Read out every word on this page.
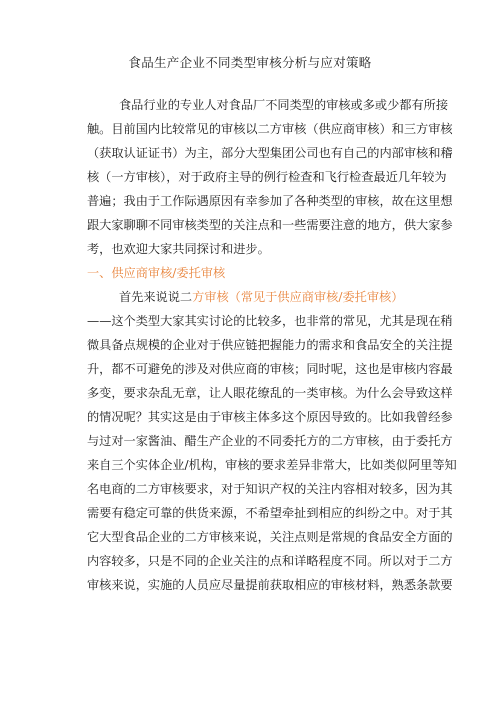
食品生产企业不同类型审核分析与应对策略
食品行业的专业人对食品厂不同类型的审核或多或少都有所接
触。目前国内比较常见的审核以二方审核（供应商审核）和三方审核
（获取认证证书）为主，部分大型集团公司也有自己的内部审核和稽
核（一方审核），对于政府主导的例行检查和飞行检查最近几年较为
普遍；我由于工作际遇原因有幸参加了各种类型的审核，故在这里想
跟大家聊聊不同审核类型的关注点和一些需要注意的地方，供大家参
考，也欢迎大家共同探讨和进步。
一、供应商审核/委托审核
首先来说说二方审核（常见于供应商审核/委托审核）
——这个类型大家其实讨论的比较多，也非常的常见，尤其是现在稍
微具备点规模的企业对于供应链把握能力的需求和食品安全的关注提
升，都不可避免的涉及对供应商的审核；同时呢，这也是审核内容最
多变，要求杂乱无章，让人眼花缭乱的一类审核。为什么会导致这样
的情况呢？其实这是由于审核主体多这个原因导致的。比如我曾经参
与过对一家酱油、醋生产企业的不同委托方的二方审核，由于委托方
来自三个实体企业/机构，审核的要求差异非常大，比如类似阿里等知
名电商的二方审核要求，对于知识产权的关注内容相对较多，因为其
需要有稳定可靠的供货来源，不希望牵扯到相应的纠纷之中。对于其
它大型食品企业的二方审核来说，关注点则是常规的食品安全方面的
内容较多，只是不同的企业关注的点和详略程度不同。所以对于二方
审核来说，实施的人员应尽量提前获取相应的审核材料，熟悉条款要
